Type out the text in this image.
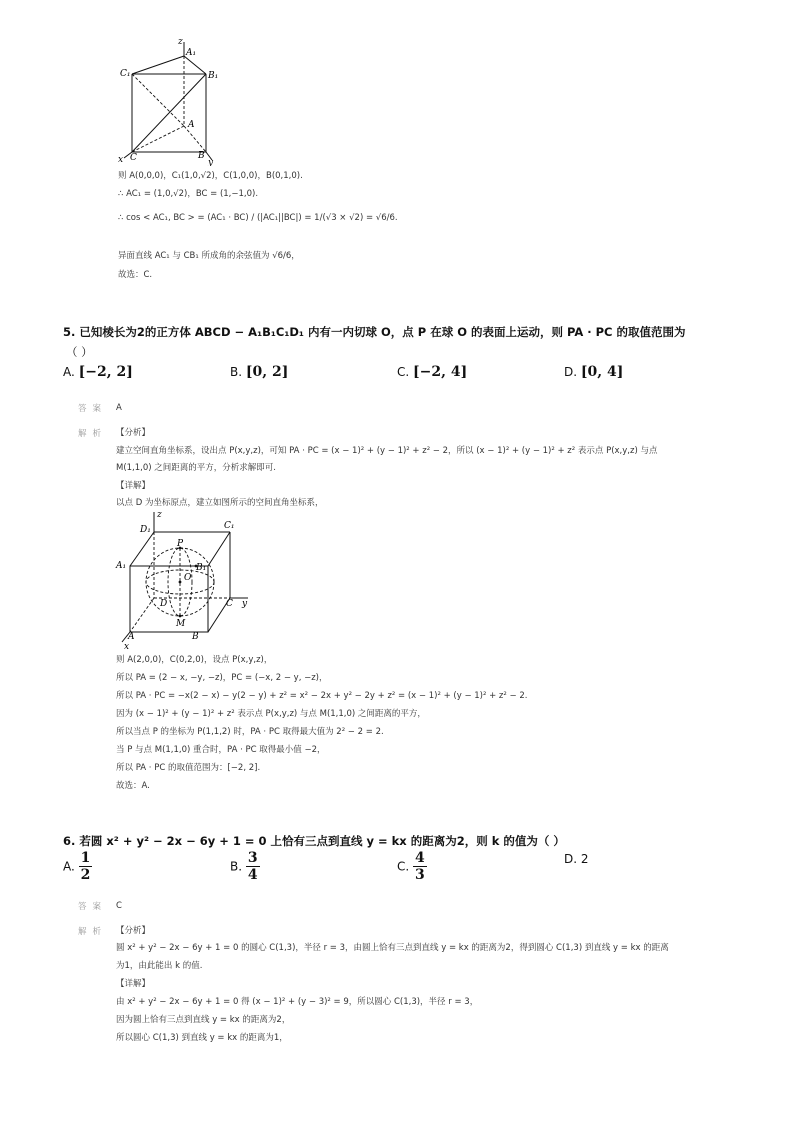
z
A₁
C₁	B₁
A
C	B
x	y
则 A(0,0,0)，C₁(1,0,√2)，C(1,0,0)，B(0,1,0).
∴ AC₁ = (1,0,√2)，BC = (1,−1,0).
∴ cos < AC₁, BC > = (AC₁ · BC) / (|AC₁||BC|) = 1/(√3 × √2) = √6/6.
异面直线 AC₁ 与 CB₁ 所成角的余弦值为 √6/6，
故选：C.
5. 已知棱长为2的正方体 ABCD − A₁B₁C₁D₁ 内有一内切球 O，点 P 在球 O 的表面上运动，则 PA · PC 的取值范围为
（ ）
A. [−2, 2]	B. [0, 2]	C. [−2, 4]	D. [0, 4]
答案 A
解析 【分析】
建立空间直角坐标系，设出点 P(x,y,z)，可知 PA · PC = (x − 1)² + (y − 1)² + z² − 2，所以 (x − 1)² + (y − 1)² + z² 表示点 P(x,y,z) 与点
M(1,1,0) 之间距离的平方，分析求解即可.
【详解】
以点 D 为坐标原点，建立如图所示的空间直角坐标系，
z
D₁	C₁
P
A₁	B₁
O
D	C y
M
A	B
x
则 A(2,0,0)，C(0,2,0)，设点 P(x,y,z)，
所以 PA = (2 − x, −y, −z)，PC = (−x, 2 − y, −z)，
所以 PA · PC = −x(2 − x) − y(2 − y) + z² = x² − 2x + y² − 2y + z² = (x − 1)² + (y − 1)² + z² − 2.
因为 (x − 1)² + (y − 1)² + z² 表示点 P(x,y,z) 与点 M(1,1,0) 之间距离的平方，
所以当点 P 的坐标为 P(1,1,2) 时，PA · PC 取得最大值为 2² − 2 = 2.
当 P 与点 M(1,1,0) 重合时，PA · PC 取得最小值 −2，
所以 PA · PC 的取值范围为：[−2, 2].
故选：A.
6. 若圆 x² + y² − 2x − 6y + 1 = 0 上恰有三点到直线 y = kx 的距离为2，则 k 的值为（ ）
A. $\frac{1}{2}$	B. $\frac{3}{4}$	C. $\frac{4}{3}$	D. 2
答案 C
解析 【分析】
圆 x² + y² − 2x − 6y + 1 = 0 的圆心 C(1,3)，半径 r = 3，由圆上恰有三点到直线 y = kx 的距离为2，得到圆心 C(1,3) 到直线 y = kx 的距离
为1，由此能出 k 的值.
【详解】
由 x² + y² − 2x − 6y + 1 = 0 得 (x − 1)² + (y − 3)² = 9，所以圆心 C(1,3)，半径 r = 3，
因为圆上恰有三点到直线 y = kx 的距离为2，
所以圆心 C(1,3) 到直线 y = kx 的距离为1，
